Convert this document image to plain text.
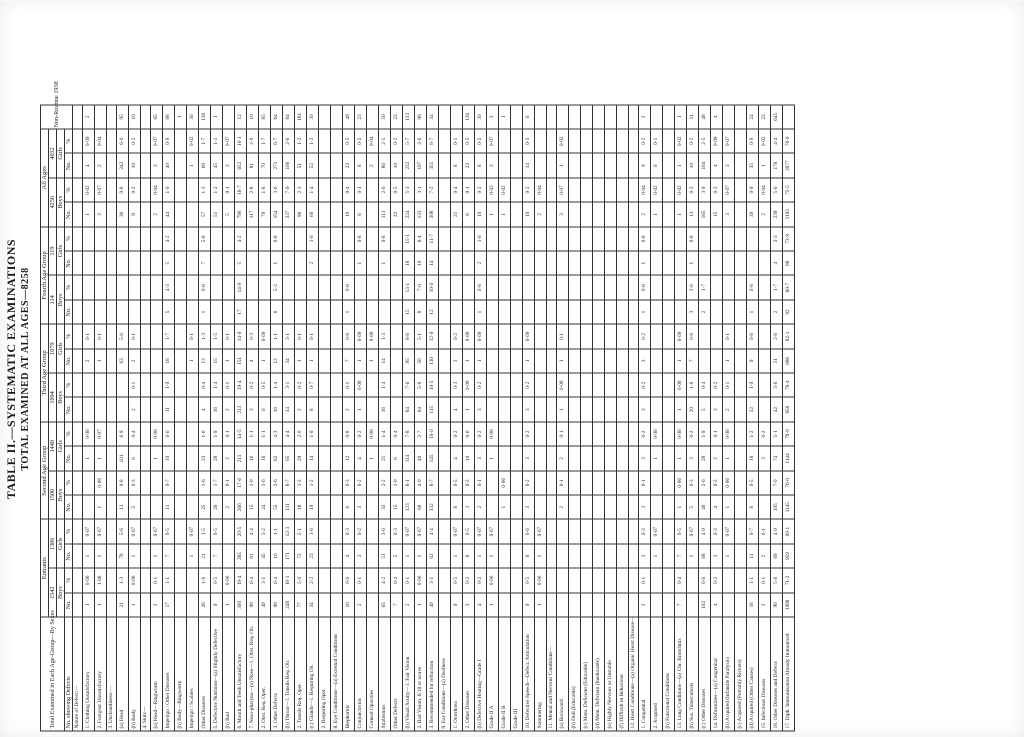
TABLE II.—SYSTEMATIC EXAMINATIONS TOTAL EXAMINED AT ALL AGES—8258
Total Examined in Each Age-Group—By Sexes	Entrants				Second Age Group				Third Age Group				Fourth Age Group				All Ages				Non-Routine 1938
	1542		1386		1500		1448		1094		1079		114		119		4256		4032		
	Boys		Girls		Boys		Girls		Boys		Girls		Boys		Girls		Boys		Girls		
No. showing Defects	No.	%	No.	%	No.	%	No.	%	No.	%	No.	%	No.	%	No.	%	No.	%	No.	%	
Nature of Defect:—																					
1. Clothing Unsatisfactory	1	0·06	1	0·07			1	0·06			2	0·1					1	0·02	4	0·09	2
2. Footgear Unsatisfactory	1	1·06	1	0·07	1	0·06	1	0·07			1	0·1					3	0·07	2	0·04	
3. Uncleanliness:—																					
(a) Head	21	1·3	78	5·6	13	0·8	101	6·9			63	5·8					36	0·8	242	6·0	95
(b) Body	1	0·06	1	0·07	5	0·3	6	0·4	2	0·1	2	0·1					9	0·2	10	0·2	10
4. Skin:—																					
(a) Head—Ringworm	2	0·1	1	0·07			1	0·06									2	0·04	3	0·07	65
Impetigo / Other Diseases	17	1·1	7	0·5	11	0·7	10	0·6	11	1·0	18	1·7	5	4·3	5	4·2	44	1·0	40	0·9	68
(b) Body—Ringworm																					1
Impetigo / Scabies			1	0·07							1	0·1							1	0·02	36
Other Diseases	26	1·6	21	1·5	25	1·6	23	1·6	4	0·4	13	1·3	1	0·8	7	5·8	57	1·3	69	1·7	138
5. Defective Nutrition—(a) Slightly Defective	9	0·5	7	0·5	26	1·7	28	1·9	16	1·4	15	1·5					51	1·2	45	1·1	1
(b) Bad	1	0·06			2	0·1	2	0·1	2	0·1	1	0·1					5	0·1	3	0·07	
6. Mouth and Teeth Unsatisfactory	300	19·4	285	20·5	266	17·6	211	14·5	213	19·4	151	14·0	17	14·9	5	4·2	796	18·7	652	16·1	12
7. Naso-pharynx—(a) Nose—1. Obst. Req. Ob.	99	6·4	61	4·4	15	1·0	16	1·1	3	0·2	4	0·3					117	2·8	81	2·0	10
2. Obst. Req. Oper.	49	3·1	45	3·2	24	1·6	16	1·1	6	0·5	1	0·09					79	1·8	70	1·7	85
3. Other Defects	99	6·4	16	1·1	55	3·6	62	4·3	16	1·4	12	1·1	6	5·2	1	0·8	154	3·6	271	6·7	64
(b) Throat—1. Tonsils Req. Ob.	248	16·1	171	12·3	131	8·7	65	4·4	34	3·1	34	3·1					337	7·9	106	2·6	84
2. Tonsils Req. Oper.	77	5·0	72	5·1	18	1·2	29	2·0	2	0·2	1	0·1					98	2·3	51	1·2	181
(c) Glands—1. Requiring Ob.	34	2·2	23	1·6	19	1·2	14	1·0	8	0·7	1	0·1			2	1·6	60	1·4	52	1·2	30
2. Requiring Oper.																					
8. Eye Conditions—(a) External Conditions																					
Blepharitis	10	0·6	4	0·3	6	0·3	12	0·8	2	0·1	7	0·6	1	0·8			19	0·4	23	0·5	49
Conjunctivitis	2	0·1	3	0·2	3	0·2	4	0·2	1	0·09	1	0·09			1	0·8	6	0·1	8	0·2	23
Corneal Opacities							1	0·06			1	0·09							2	0·04	
Strabismus	65	4·2	51	3·6	33	2·2	21	1·4	16	1·4	14	1·3			1	0·8	113	2·6	86	2·1	50
Other Defects	7	0·4	5	0·3	15	1·0	6	0·4									22	0·5	10	0·2	22
(b) Visual Acuity—1. Fair Vision	2	0·1	1	0·07	123	8·1	114	7·8	84	7·6	95	8·8	15	13·1	18	15·1	224	5·3	232	5·7	133
2. Bad Vision, 6/18 or worse	1	0·06	1	0·07	60	4·0	40	2·7	64	5·8	56	5·1	8	7·0	10	8·4	133	3·1	107	2·6	96
3. Recommended for refraction	49	3·1	62	4·4	132	8·7	145	10·0	115	10·5	130	12·0	12	10·0	14	11·7	308	7·2	351	8·7	34
9. Ear Conditions—(a) Deafness																					
1. Otorrhoea	9	0·5	1	0·07	8	0·5	4	0·2	4	0·3	3	0·2					21	0·4	8	0·1	
2. Other Diseases	3	0·2	8	0·5	3	0·2	10	0·6	1	0·09	1	0·09					6	0·1	23	0·5	126
(b) Defective Hearing—Grade I	4	0·2	1	0·07	2	0·1	3	0·2	3	0·2	1	0·09	1	0·8	2	1·6	10	0·2	8	0·2	30
Grade II A	1	0·06	1	0·07			1	0·06									1	0·02	3	0·07	3
Grade II B					1	0·06											1	0·02			1
Grade III																					
10. Defective Speech—Defect. Articulation	9	0·5	9	0·6	3	0·2	3	0·2	3	0·2	1	0·09					10	0·2	14	0·3	6
Stammering	1	0·06	1	0·07													2	0·04			
11. Mental and Nervous Conditions—																					
(a) Backward					2	0·1	2	0·1	1	0·09	1	0·1					3	0·07	1	0·02	
(b) Dull (Educable)																					
(c) Ment. Deficient (Educable)																					
(d) Ment. Deficient (Ineducable)																					
(e) Highly Nervous or Unstable																					
(f) Difficult in Behaviour																					
12. Heart Conditions—(a) Organic Heart Disease—																					
1. Congenital	2	0·1	3	0·2	3	0·1	3	0·2	3	0·2	3	0·2	1	0·8	1	0·8	2	0·04	9	0·2	2
2. Acquired			1	0·07			1	0·06									1	0·02	6	0·1	
(b) Functional Conditions																					
13. Lung Conditions—(a) Chr. Bronchitis	7	0·4	7	0·5	1	0·06	1	0·06	1	0·09	1	0·09					1	0·02	1	0·02	1
(b) Sus. Tuberculosis			1	0·07	5	0·3	3	0·2	20	1·8	7	0·6	3	2·6	1	0·8	13	0·3	10	0·2	11
(c) Other Diseases	102	6·6	68	4·9	40	2·6	28	1·9	5	0·4			2	1·7			165	3·9	104	2·5	48
14. Deformities—(a) Congenital	4	0·2	3	0·2	4	0·2	2	0·1	3	0·2							15	0·3	4	0·09	4
(b) Acquired (Infantile Paralysis)			1	0·07	1	0·06	1	0·06	2	0·1	1	0·1					3	0·07	3	0·07	
(c) Acquired (Probably Rickets)																					
(d) Acquired (Other Causes)	18	1·1	11	0·7	8	0·5	18	1·2	12	1·0	9	0·8	1	0·8			39	0·9	35	0·9	24
15. Infectious Diseases	2	0·1	2	0·1			3	0·2									2	0·04	1	0·02	22
16. Other Diseases and Defects	90	5·8	69	4·9	105	7·0	74	5·1	42	3·8	31	2·8	2	1·7	4	3·3	239	5·6	178	4·4	645
17. Diph. Immunisation Already Immun'sed	1098	71·2	959	69·1	1145	76·0	1144	79·0	858	78·4	886	82·1	92	80·7	88	73·9	3193	75·5	3077	76·0	
